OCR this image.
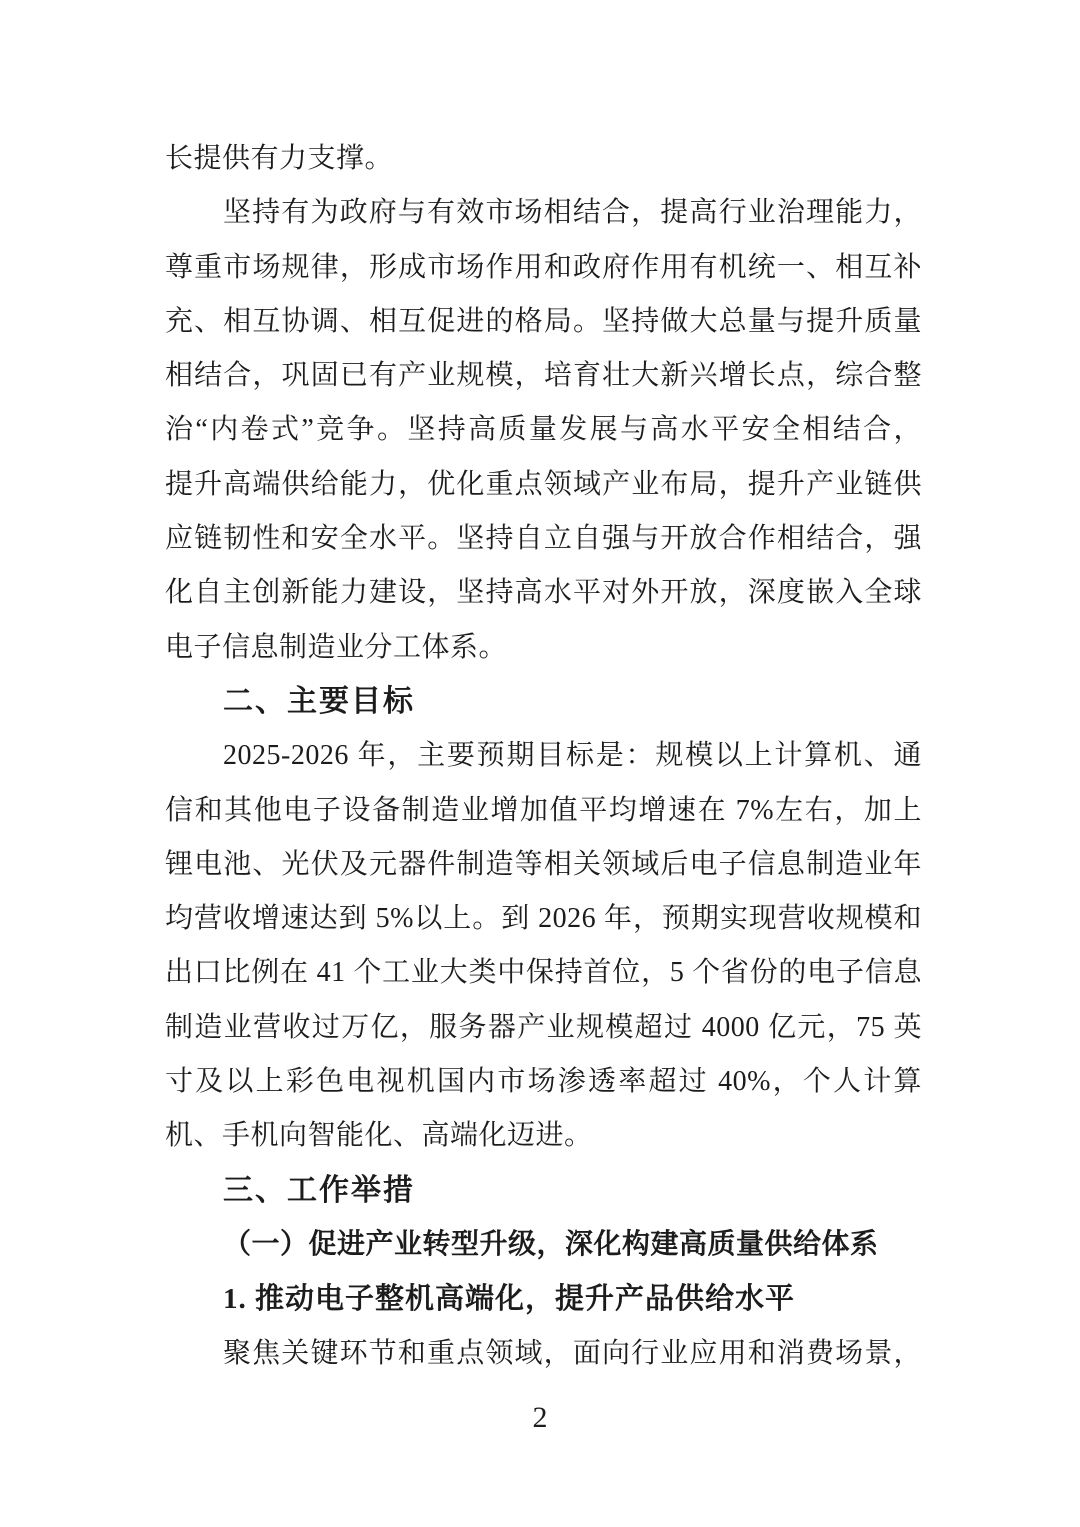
长提供有力支撑。
坚持有为政府与有效市场相结合，提高行业治理能力，
尊重市场规律，形成市场作用和政府作用有机统一、相互补
充、相互协调、相互促进的格局。坚持做大总量与提升质量
相结合，巩固已有产业规模，培育壮大新兴增长点，综合整
治“内卷式”竞争。坚持高质量发展与高水平安全相结合，
提升高端供给能力，优化重点领域产业布局，提升产业链供
应链韧性和安全水平。坚持自立自强与开放合作相结合，强
化自主创新能力建设，坚持高水平对外开放，深度嵌入全球
电子信息制造业分工体系。
二、主要目标
2025-2026 年，主要预期目标是：规模以上计算机、通
信和其他电子设备制造业增加值平均增速在 7%左右，加上
锂电池、光伏及元器件制造等相关领域后电子信息制造业年
均营收增速达到 5%以上。到 2026 年，预期实现营收规模和
出口比例在 41 个工业大类中保持首位，5 个省份的电子信息
制造业营收过万亿，服务器产业规模超过 4000 亿元，75 英
寸及以上彩色电视机国内市场渗透率超过 40%，个人计算
机、手机向智能化、高端化迈进。
三、工作举措
（一）促进产业转型升级，深化构建高质量供给体系
1. 推动电子整机高端化，提升产品供给水平
聚焦关键环节和重点领域，面向行业应用和消费场景，
2
